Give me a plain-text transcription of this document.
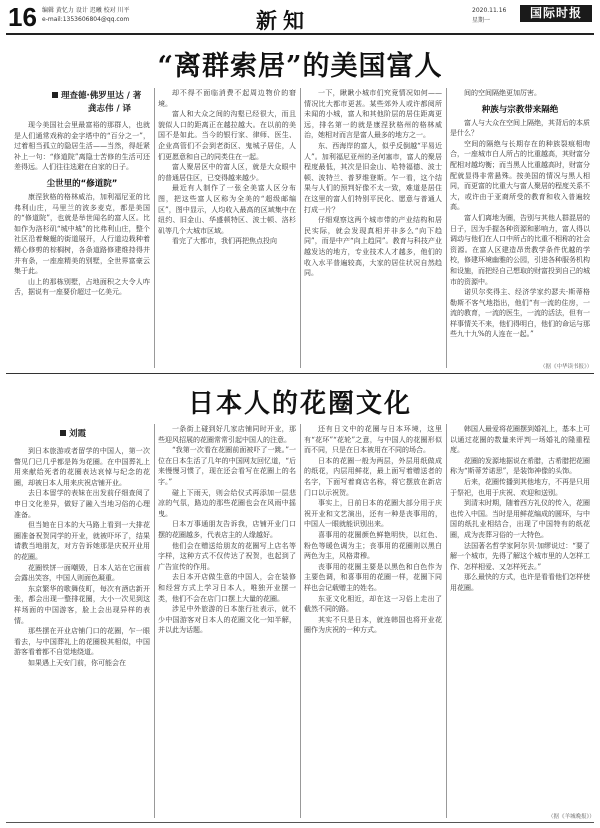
16 编辑 黄忆力 设计 迟曦 校对 川平
e-mail:1353606804@qq.com	新知	2020.11.16
星期一
国际时报
“离群索居”的美国富人
理查德·佛罗里达 / 著
龚志伟 / 译

现今美国社会里最富裕的那群人，也就是人们通常戏称的金字塔中的“百分之一”，过着相当孤立的隐居生活——当然，得赶紧补上一句：“修道院”离隐士苦修的生活可还差得远。人们往往选避在自家的日子。

尘世里的“修道院”

康涅狄格的格林威治，加利福尼亚的比弗利山庄，马里兰的波多麦克，都是美国的“修道院”，也就是举世闻名的富人区。比如作为洛杉矶“城中城”的比弗利山庄，整个社区沿着蜿蜒的街道展开，人行道边栽种着精心修剪的棕榈树，各条道路修建维持得井井有条，一座座精美的别墅，全世界富豪云集于此。

山上的那栋别墅，占地面积之大令人咋舌，据说有一座要价超过一亿美元。

却不得不面临消费不起周边物价的窘境。

富人和大众之间的沟壑已经很大，而且貌似人口的距离正在越拉越大。在以前的美国不是如此。当今的银行家、律师、医生、企业高管们不会到老街区、鬼城子居住，人们更愿意和自己的同类住在一起。

富人聚居区中的富人区，就是大众眼中的普通居住区，已变得越来越少。

最近有人制作了一张全美富人区分布图，把这些富人区称为全美的“超级邮编区”，图中显示，人均收入最高的区域集中在纽约、旧金山、华盛顿特区、波士顿、洛杉矶等几个大城市区域。

看完了大都市，我们再把焦点投向

一下，瞅瞅小城市们究竟情况如何——情况比大都市更甚。某些郊外人或许都阅所未闻的小城，富人和其他阶层的居住距离更远，排名第一的就是康涅狄格州的格林威治，她相对而言是富人最多的地方之一。

东、西海岸的富人，似乎反倒越“平易近人”。加利福尼亚州的圣何塞市，富人的聚居程度最低，其次是旧金山、哈特福德、波士顿、波特兰、普罗维登斯。乍一看，这个结果与人们的预判好像不太一致，难道是居住在这里的富人们特别平民化、愿意与普通人打成一片？

仔细观察这两个城市带的产业结构和居民实际，就会发现真相并非多么“向下趋同”，而是中产“向上趋同”。教育与科技产业越发达的地方，专业技术人才越多，他们的收入水平普遍较高，大家的居住状况自然趋同。

间的空间隔绝更加厉害。

种族与宗教带来隔绝

富人与大众在空间上隔绝，其背后的本质是什么？

空间的隔绝与长期存在的种族裂痕相吻合，一座城市白人所占的比重越高，其财富分配相对越均衡；而当黑人比重越高时，财富分配就显得非常悬殊。按美国的情况与黑人相同，而更富的比重大与富人聚居的程度关系不大，或许由于亚裔所受的教育和收入普遍较高。

富人们离地为圈，告别与其他人群混居的日子，因为手握各种资源和影响力，富人得以调动与他们在人口中所占的比重不相称的社会资源。在富人区建造昂贵教学条件优越的学校，修建环境幽雅的公园，引进各种服务机构和设施，而把经自己想取的财富投到自己的城市的资源中。

诺贝尔奖得主、经济学家约瑟夫·斯蒂格勒斯不客气地指出，他们“有一流的住房，一流的教育，一流的医生，一流的活法，但有一样事情关不来，他们得明白，他们的命运与那些九十九%的人连在一起。”

（据《中华读书报》）
日本人的花圈文化
刘霞

到日本旅游或者留学的中国人，第一次瞥见门已几乎都是阵为花圈。在中国葬礼上用来献给死者的花圈表达哀悼与纪念的花圈，却被日本人用来庆祝店铺开业。

去日本留学的表妹在出发前仔细查阅了申日文化差异，做好了融入当地习俗的心理准备。

但当她在日本的大马路上看到一大排花圈准备祝贺同学的开业，就被吓坏了，结果请教当地朋友，对方告诉她那是庆祝开业用的花圈。

花圈铁饼一面嘲毁，日本人站在它面前会露出笑容，中国人则面色凝重。

东京繁华的歌舞伎町，每次有酒店新开张，都会出现一整排花圈，大小一次见到这样场面的中国游客，脸上会出现异样的表情。

那些摆在开业店铺门口的花圈，乍一眼看去，与中国葬礼上的花圈极其相似，中国游客看着都不自觉地绕道。

如果遇上天安门前，你可能会在

一条街上碰到好几家店铺同时开业，那些迎风招展的花圈常常引起中国人的注意。

“我第一次看在花圈前面被吓了一跳。”一位在日本生活了几年的中国网友回忆道，“后来慢慢习惯了，现在还会看写在花圈上的名字。”

碰上下雨天，则会给仪式再添加一层悲凉的气氛，路边的那些花圈也会在风雨中摇曳。

日本万事通朋友告诉我，店铺开业门口摆的花圈越多，代表店主的人缘越好。

他们会在赠送给朋友的花圈写上店名等字样，这种方式不仅传达了祝贺，也起到了广告宣传的作用。

去日本开店做生意的中国人，会在装修和经营方式上学习日本人，唯独开业摆一类，他们不会在店门口摆上大量的花圈。

涉足中外旅游的日本旅行社表示，就不少中国游客对日本人的花圈文化一知半解，并以此为话题。

还有日文中的花圈与日本环境，这里有“花环”“花轮”之意，与中国人的花圈形似而不同，只是在日本被用在不同的场合。

日本的花圈一般为两层，外层用纸做成的纸花，内层用鲜花，最上面写着赠送者的名字，下面写着商店名称，将它摆放在新店门口以示祝贺。

事实上，日前日本的花圈大部分用于庆祝开业和文艺演出，还有一种是丧事用的，中国人一眼就能识别出来。

喜事用的花圈颜色鲜艳明快，以红色、粉色等暖色调为主；丧事用的花圈则以黑白两色为主，风格肃穆。

丧事用的花圈主要是以黑色和白色作为主要色调，和喜事用的花圈一样，花圈下同样也会记载赠主的姓名。

东亚文化相近，却在这一习俗上走出了截然不同的路。

其实不只是日本，就连韩国也将开业花圈作为庆祝的一种方式。

韩国人最爱将花圈摆到婚礼上，基本上可以通过花圈的数量来评判一场婚礼的隆重程度。

花圈的发源地据说在希腊，古希腊把花圈称为“斯蒂芳诺思”，是装饰神像的头饰。

后来，花圈传播到其他地方，不再是只用于祭祀，也用于庆祝、欢迎和送别。

到清末时期，随着西方礼仪的传入，花圈也传入中国。当时是用鲜花编成的圆环，与中国的纸扎业相结合，出现了中国特有的纸花圈，成为丧葬习俗的一大特色。

法国著名哲学家阿尔贝·加缪说过：“要了解一个城市，先得了解这个城市里的人怎样工作、怎样相爱、又怎样死去。”

那么最快的方式，也许是看看他们怎样使用花圈。

（据《羊城晚报》）
